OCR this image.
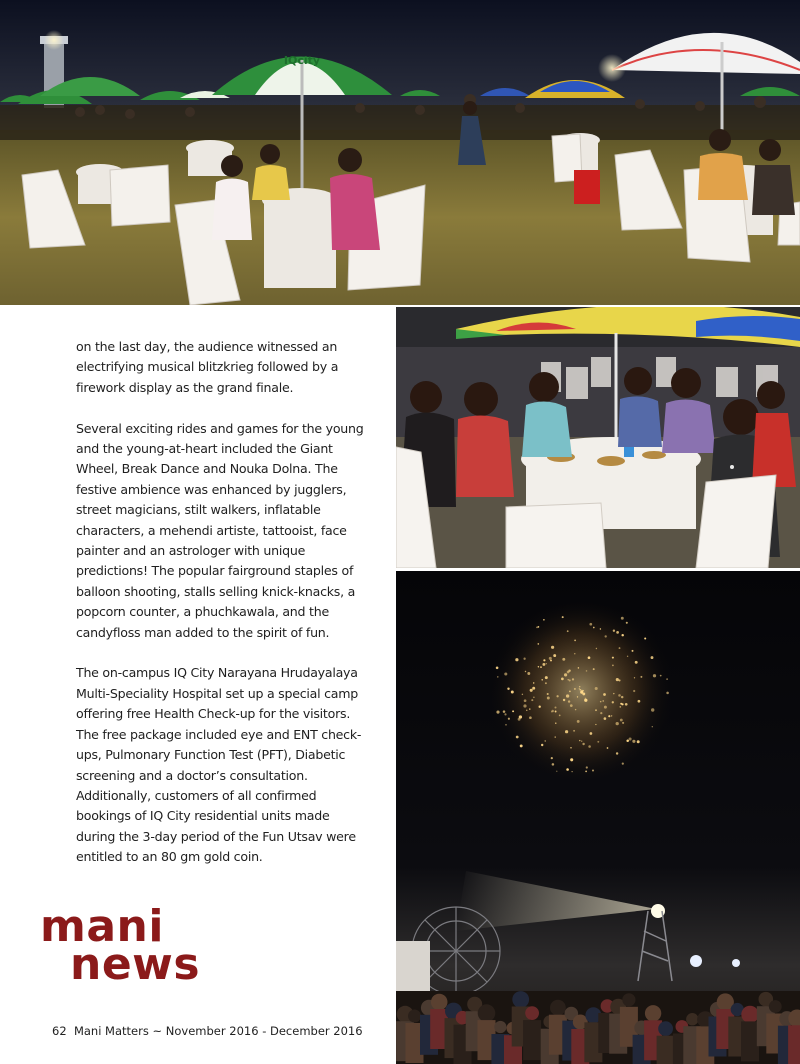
IQcity

on the last day, the audience witnessed an electrifying musical blitzkrieg followed by a firework display as the grand finale.

Several exciting rides and games for the young and the young-at-heart included the Giant Wheel, Break Dance and Nouka Dolna. The festive ambience was enhanced by jugglers, street magicians, stilt walkers, inflatable characters, a mehendi artiste, tattooist, face painter and an astrologer with unique predictions! The popular fairground staples of balloon shooting, stalls selling knick-knacks, a popcorn counter, a phuchkawala, and the candyfloss man added to the spirit of fun.

The on-campus IQ City Narayana Hrudayalaya Multi-Speciality Hospital set up a special camp offering free Health Check-up for the visitors. The free package included eye and ENT check-ups, Pulmonary Function Test (PFT), Diabetic screening and a doctor’s consultation. Additionally, customers of all confirmed bookings of IQ City residential units made during the 3-day period of the Fun Utsav were entitled to an 80 gm gold coin.

mani
news
62 Mani Matters ~ November 2016 - December 2016
